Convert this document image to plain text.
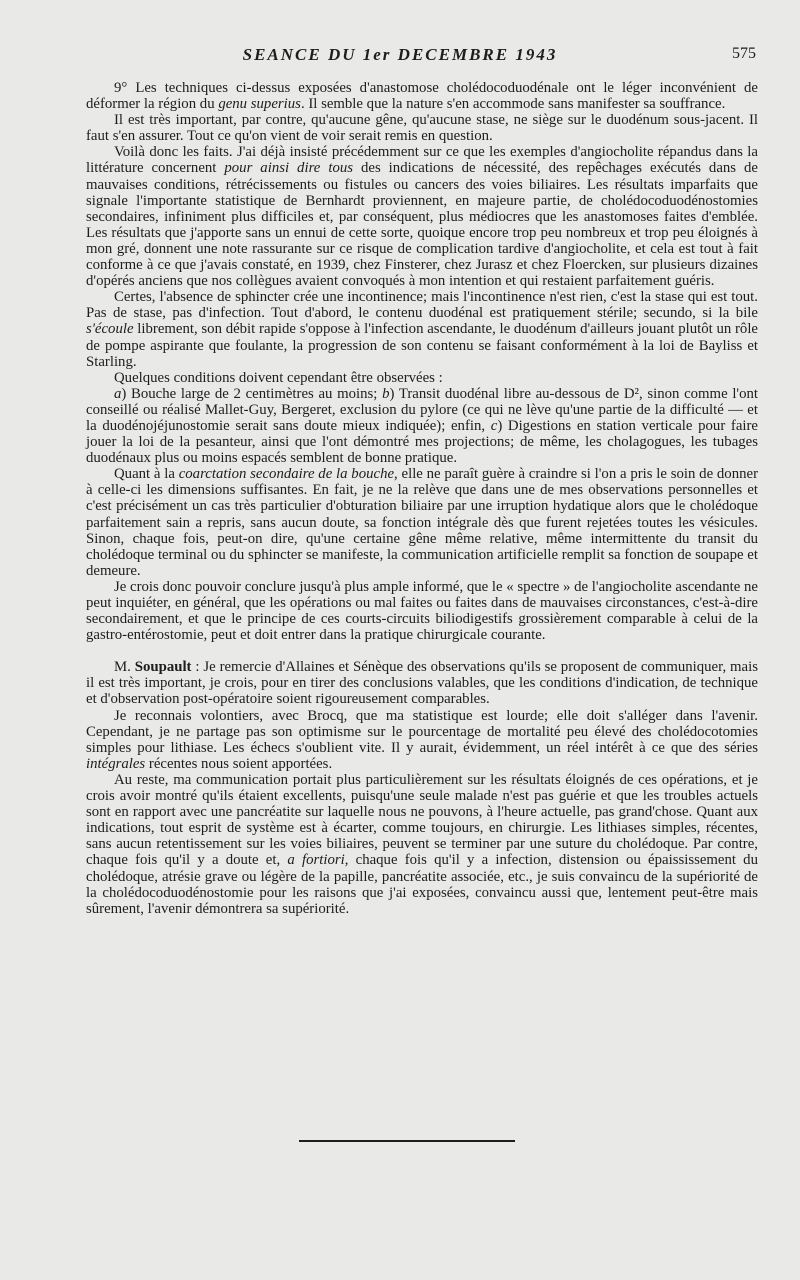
SEANCE DU 1er DECEMBRE 1943	575

9° Les techniques ci-dessus exposées d'anastomose cholédocoduodénale ont le léger inconvénient de déformer la région du genu superius. Il semble que la nature s'en accommode sans manifester sa souffrance.

Il est très important, par contre, qu'aucune gêne, qu'aucune stase, ne siège sur le duodénum sous-jacent. Il faut s'en assurer. Tout ce qu'on vient de voir serait remis en question.

Voilà donc les faits. J'ai déjà insisté précédemment sur ce que les exemples d'angiocholite répandus dans la littérature concernent pour ainsi dire tous des indications de nécessité, des repêchages exécutés dans de mauvaises conditions, rétrécissements ou fistules ou cancers des voies biliaires. Les résultats imparfaits que signale l'importante statistique de Bernhardt proviennent, en majeure partie, de cholédocoduodénostomies secondaires, infiniment plus difficiles et, par conséquent, plus médiocres que les anastomoses faites d'emblée. Les résultats que j'apporte sans un ennui de cette sorte, quoique encore trop peu nombreux et trop peu éloignés à mon gré, donnent une note rassurante sur ce risque de complication tardive d'angiocholite, et cela est tout à fait conforme à ce que j'avais constaté, en 1939, chez Finsterer, chez Jurasz et chez Floercken, sur plusieurs dizaines d'opérés anciens que nos collègues avaient convoqués à mon intention et qui restaient parfaitement guéris.

Certes, l'absence de sphincter crée une incontinence; mais l'incontinence n'est rien, c'est la stase qui est tout. Pas de stase, pas d'infection. Tout d'abord, le contenu duodénal est pratiquement stérile; secundo, si la bile s'écoule librement, son débit rapide s'oppose à l'infection ascendante, le duodénum d'ailleurs jouant plutôt un rôle de pompe aspirante que foulante, la progression de son contenu se faisant conformément à la loi de Bayliss et Starling.

Quelques conditions doivent cependant être observées :

a) Bouche large de 2 centimètres au moins; b) Transit duodénal libre au-dessous de D², sinon comme l'ont conseillé ou réalisé Mallet-Guy, Bergeret, exclusion du pylore (ce qui ne lève qu'une partie de la difficulté — et la duodénojéjunostomie serait sans doute mieux indiquée); enfin, c) Digestions en station verticale pour faire jouer la loi de la pesanteur, ainsi que l'ont démontré mes projections; de même, les cholagogues, les tubages duodénaux plus ou moins espacés semblent de bonne pratique.

Quant à la coarctation secondaire de la bouche, elle ne paraît guère à craindre si l'on a pris le soin de donner à celle-ci les dimensions suffisantes. En fait, je ne la relève que dans une de mes observations personnelles et c'est précisément un cas très particulier d'obturation biliaire par une irruption hydatique alors que le cholédoque parfaitement sain a repris, sans aucun doute, sa fonction intégrale dès que furent rejetées toutes les vésicules. Sinon, chaque fois, peut-on dire, qu'une certaine gêne même relative, même intermittente du transit du cholédoque terminal ou du sphincter se manifeste, la communication artificielle remplit sa fonction de soupape et demeure.

Je crois donc pouvoir conclure jusqu'à plus ample informé, que le « spectre » de l'angiocholite ascendante ne peut inquiéter, en général, que les opérations ou mal faites ou faites dans de mauvaises circonstances, c'est-à-dire secondairement, et que le principe de ces courts-circuits biliodigestifs grossièrement comparable à celui de la gastro-entérostomie, peut et doit entrer dans la pratique chirurgicale courante.

M. Soupault : Je remercie d'Allaines et Sénèque des observations qu'ils se proposent de communiquer, mais il est très important, je crois, pour en tirer des conclusions valables, que les conditions d'indication, de technique et d'observation post-opératoire soient rigoureusement comparables.

Je reconnais volontiers, avec Brocq, que ma statistique est lourde; elle doit s'alléger dans l'avenir. Cependant, je ne partage pas son optimisme sur le pourcentage de mortalité peu élevé des cholédocotomies simples pour lithiase. Les échecs s'oublient vite. Il y aurait, évidemment, un réel intérêt à ce que des séries intégrales récentes nous soient apportées.

Au reste, ma communication portait plus particulièrement sur les résultats éloignés de ces opérations, et je crois avoir montré qu'ils étaient excellents, puisqu'une seule malade n'est pas guérie et que les troubles actuels sont en rapport avec une pancréatite sur laquelle nous ne pouvons, à l'heure actuelle, pas grand'chose. Quant aux indications, tout esprit de système est à écarter, comme toujours, en chirurgie. Les lithiases simples, récentes, sans aucun retentissement sur les voies biliaires, peuvent se terminer par une suture du cholédoque. Par contre, chaque fois qu'il y a doute et, a fortiori, chaque fois qu'il y a infection, distension ou épaississement du cholédoque, atrésie grave ou légère de la papille, pancréatite associée, etc., je suis convaincu de la supériorité de la cholédocoduodénostomie pour les raisons que j'ai exposées, convaincu aussi que, lentement peut-être mais sûrement, l'avenir démontrera sa supériorité.
